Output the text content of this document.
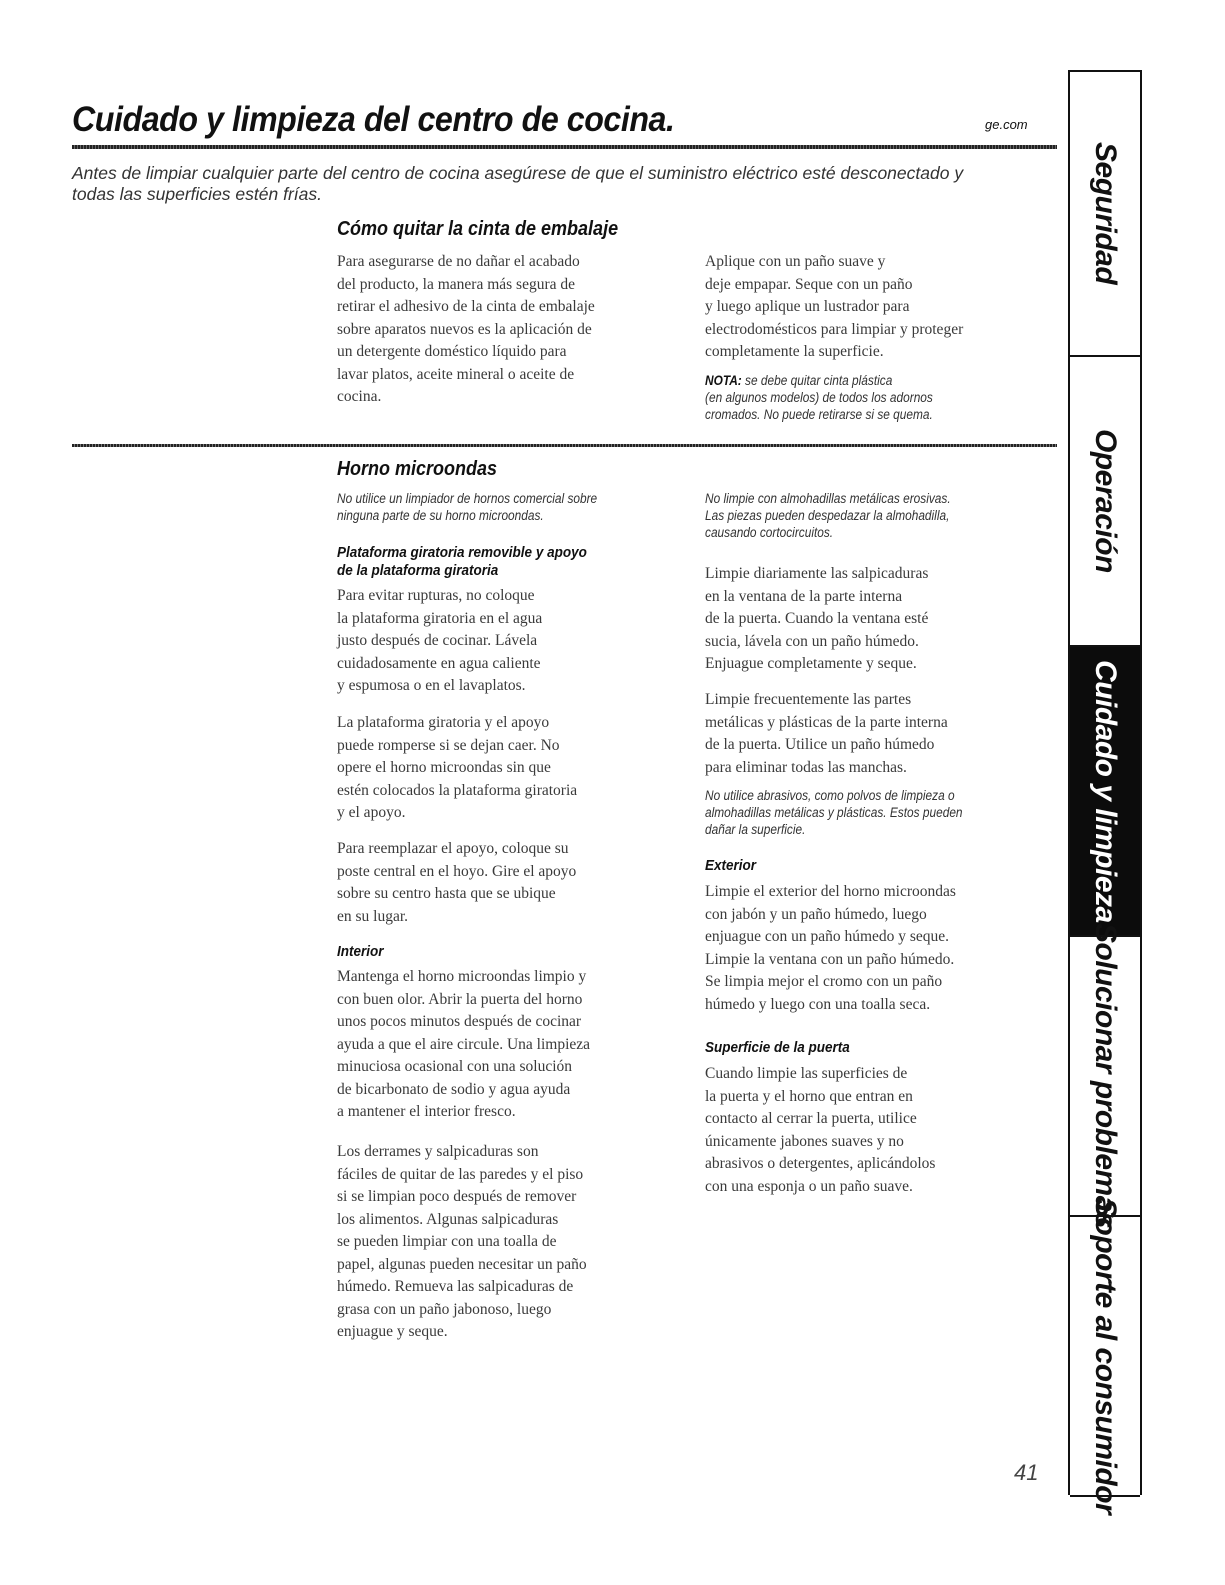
Cuidado y limpieza del centro de cocina.	ge.com
Antes de limpiar cualquier parte del centro de cocina asegúrese de que el suministro eléctrico esté desconectado y todas las superficies estén frías.
Cómo quitar la cinta de embalaje
Para asegurarse de no dañar el acabado
del producto, la manera más segura de
retirar el adhesivo de la cinta de embalaje
sobre aparatos nuevos es la aplicación de
un detergente doméstico líquido para
lavar platos, aceite mineral o aceite de
cocina.
Aplique con un paño suave y
deje empapar. Seque con un paño
y luego aplique un lustrador para
electrodomésticos para limpiar y proteger
completamente la superficie.
NOTA: se debe quitar cinta plástica
(en algunos modelos) de todos los adornos
cromados. No puede retirarse si se quema.
Horno microondas
No utilice un limpiador de hornos comercial sobre
ninguna parte de su horno microondas.
Plataforma giratoria removible y apoyo
de la plataforma giratoria
Para evitar rupturas, no coloque
la plataforma giratoria en el agua
justo después de cocinar. Lávela
cuidadosamente en agua caliente
y espumosa o en el lavaplatos.
La plataforma giratoria y el apoyo
puede romperse si se dejan caer. No
opere el horno microondas sin que
estén colocados la plataforma giratoria
y el apoyo.
Para reemplazar el apoyo, coloque su
poste central en el hoyo. Gire el apoyo
sobre su centro hasta que se ubique
en su lugar.
Interior
Mantenga el horno microondas limpio y
con buen olor. Abrir la puerta del horno
unos pocos minutos después de cocinar
ayuda a que el aire circule. Una limpieza
minuciosa ocasional con una solución
de bicarbonato de sodio y agua ayuda
a mantener el interior fresco.
Los derrames y salpicaduras son
fáciles de quitar de las paredes y el piso
si se limpian poco después de remover
los alimentos. Algunas salpicaduras
se pueden limpiar con una toalla de
papel, algunas pueden necesitar un paño
húmedo. Remueva las salpicaduras de
grasa con un paño jabonoso, luego
enjuague y seque.
No limpie con almohadillas metálicas erosivas.
Las piezas pueden despedazar la almohadilla,
causando cortocircuitos.
Limpie diariamente las salpicaduras
en la ventana de la parte interna
de la puerta. Cuando la ventana esté
sucia, lávela con un paño húmedo.
Enjuague completamente y seque.
Limpie frecuentemente las partes
metálicas y plásticas de la parte interna
de la puerta. Utilice un paño húmedo
para eliminar todas las manchas.
No utilice abrasivos, como polvos de limpieza o
almohadillas metálicas y plásticas. Estos pueden
dañar la superficie.
Exterior
Limpie el exterior del horno microondas
con jabón y un paño húmedo, luego
enjuague con un paño húmedo y seque.
Limpie la ventana con un paño húmedo.
Se limpia mejor el cromo con un paño
húmedo y luego con una toalla seca.
Superficie de la puerta
Cuando limpie las superficies de
la puerta y el horno que entran en
contacto al cerrar la puerta, utilice
únicamente jabones suaves y no
abrasivos o detergentes, aplicándolos
con una esponja o un paño suave.
41
Seguridad
Operación
Cuidado y limpieza
Solucionar problemas
Soporte al consumidor
